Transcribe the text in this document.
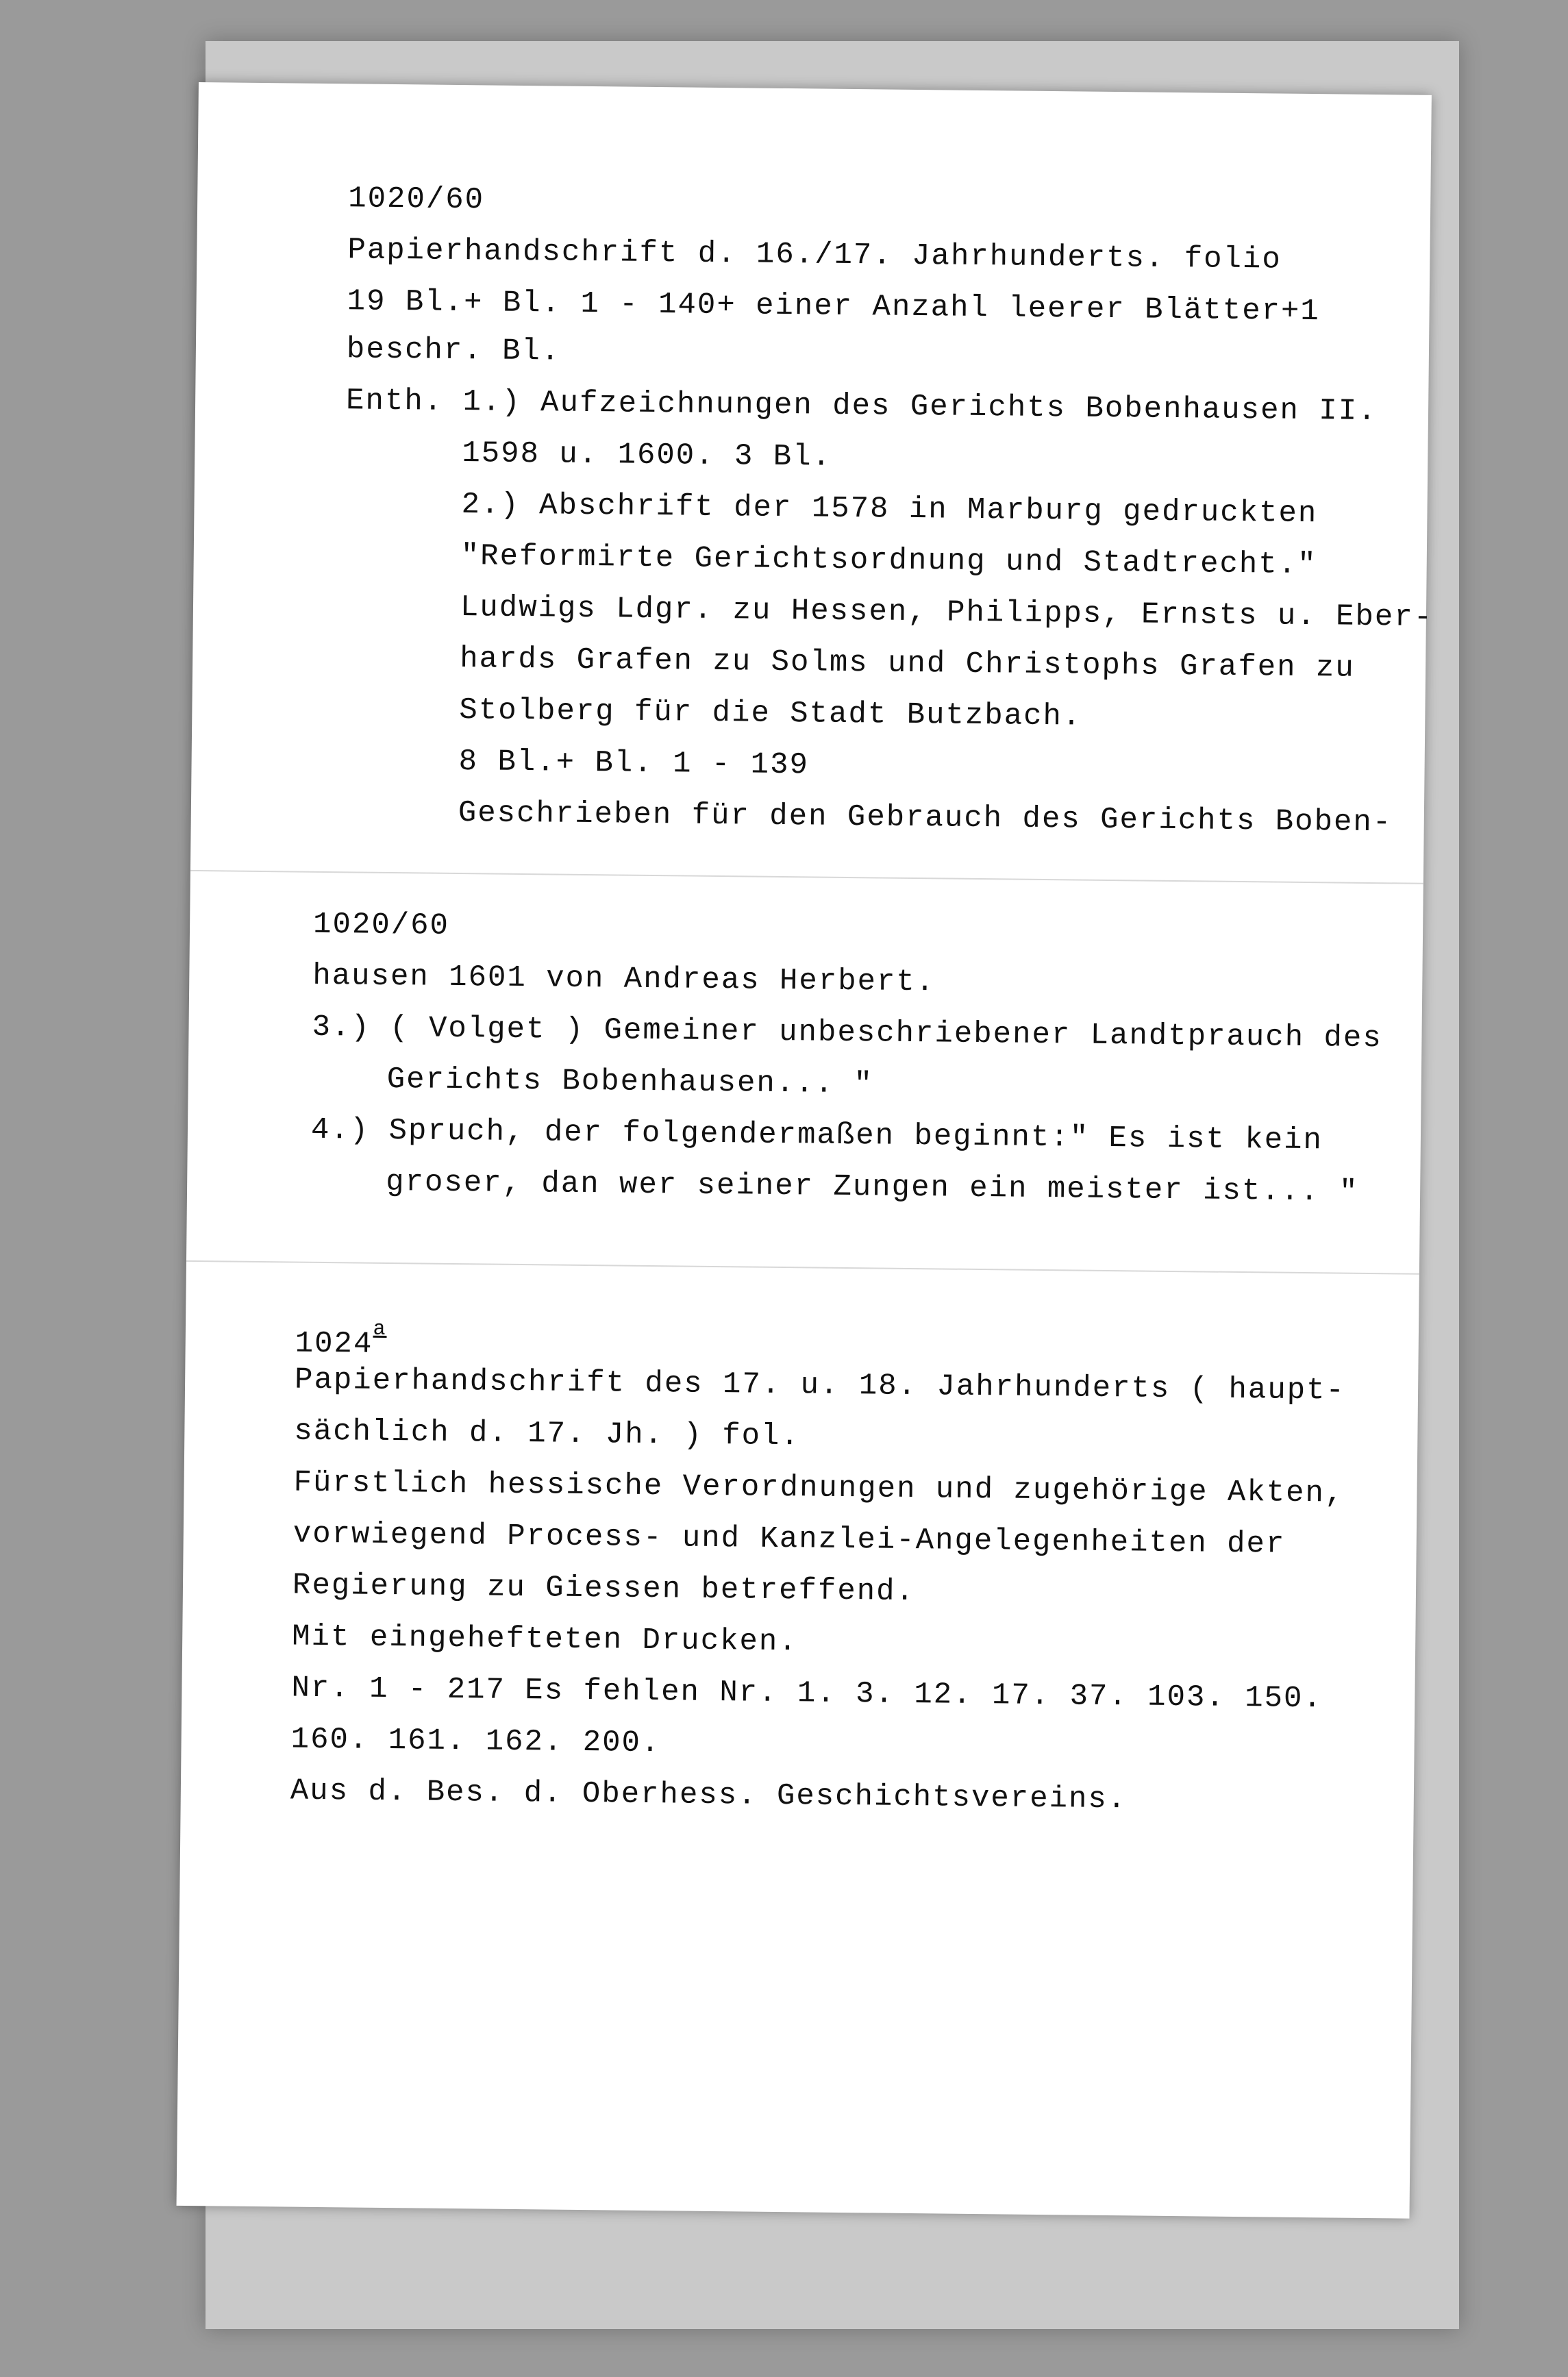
1020/60
Papierhandschrift d. 16./17. Jahrhunderts. folio
19 Bl.+ Bl. 1 - 140+ einer Anzahl leerer Blätter+1
beschr. Bl.
Enth. 1.) Aufzeichnungen des Gerichts Bobenhausen II.
1598 u. 1600. 3 Bl.
2.) Abschrift der 1578 in Marburg gedruckten
"Reformirte Gerichtsordnung und Stadtrecht."
Ludwigs Ldgr. zu Hessen, Philipps, Ernsts u. Eber-
hards Grafen zu Solms und Christophs Grafen zu
Stolberg für die Stadt Butzbach.
8 Bl.+ Bl. 1 - 139
Geschrieben für den Gebrauch des Gerichts Boben-
1020/60
hausen 1601 von Andreas Herbert.
3.) ( Volget ) Gemeiner unbeschriebener Landtprauch des
Gerichts Bobenhausen... "
4.) Spruch, der folgendermaßen beginnt:" Es ist kein
groser, dan wer seiner Zungen ein meister ist... "
1024$^a$
Papierhandschrift des 17. u. 18. Jahrhunderts ( haupt-
sächlich d. 17. Jh. ) fol.
Fürstlich hessische Verordnungen und zugehörige Akten,
vorwiegend Process- und Kanzlei-Angelegenheiten der
Regierung zu Giessen betreffend.
Mit eingehefteten Drucken.
Nr. 1 - 217 Es fehlen Nr. 1. 3. 12. 17. 37. 103. 150.
160. 161. 162. 200.
Aus d. Bes. d. Oberhess. Geschichtsvereins.
